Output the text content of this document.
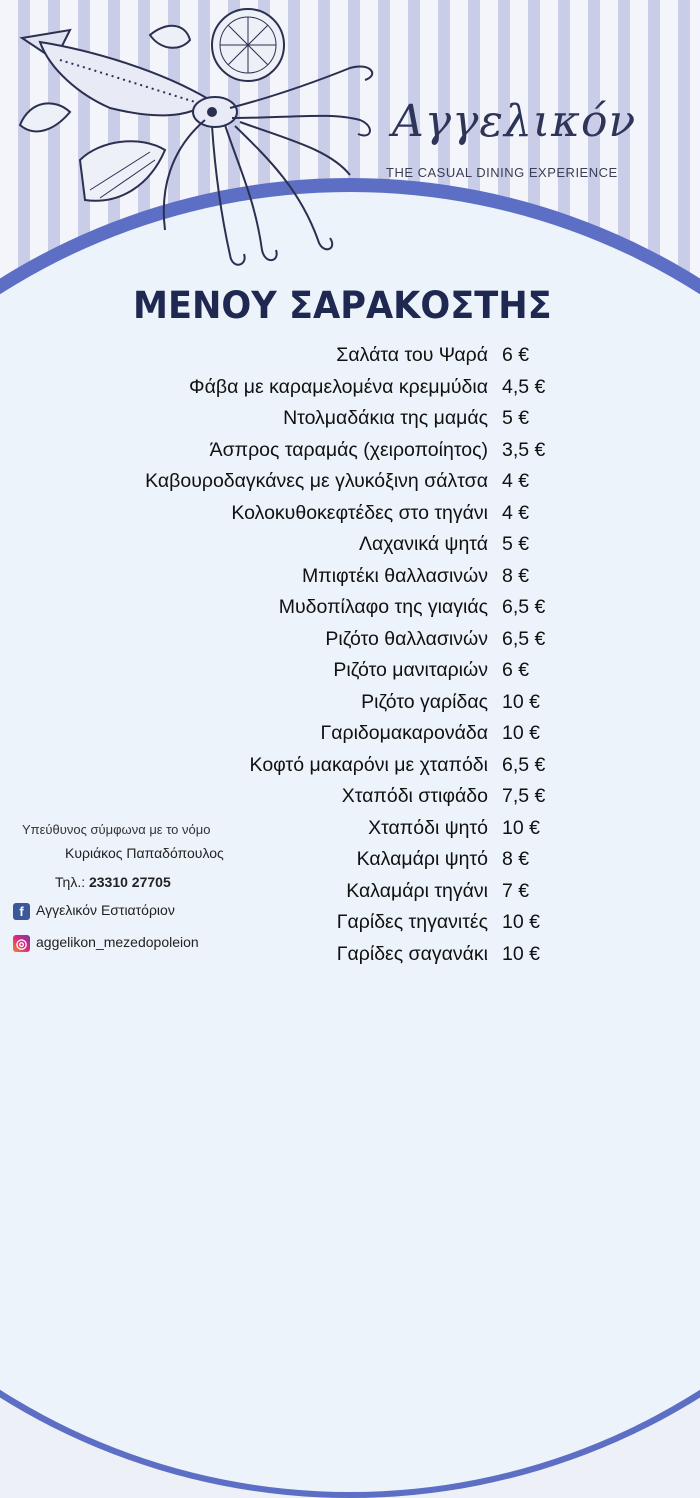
Αγγελικόν
THE CASUAL DINING EXPERIENCE
ΜΕΝΟΥ ΣΑΡΑΚΟΣΤΗΣ
Σαλάτα του Ψαρά 6 €
Φάβα με καραμελομένα κρεμμύδια 4,5 €
Ντολμαδάκια της μαμάς 5 €
Άσπρος ταραμάς (χειροποίητος) 3,5 €
Καβουροδαγκάνες με γλυκόξινη σάλτσα 4 €
Κολοκυθοκεφτέδες στο τηγάνι 4 €
Λαχανικά ψητά 5 €
Μπιφτέκι θαλλασινών 8 €
Μυδοπίλαφο της γιαγιάς 6,5 €
Ριζότο θαλλασινών 6,5 €
Ριζότο μανιταριών 6 €
Ριζότο γαρίδας 10 €
Γαριδομακαρονάδα 10 €
Κοφτό μακαρόνι με χταπόδι 6,5 €
Χταπόδι στιφάδο 7,5 €
Χταπόδι ψητό 10 €
Καλαμάρι ψητό 8 €
Καλαμάρι τηγάνι 7 €
Γαρίδες τηγανιτές 10 €
Γαρίδες σαγανάκι 10 €
Υπεύθυνος σύμφωνα με το νόμο
Κυριάκος Παπαδόπουλος
Τηλ.: 23310 27705
f Αγγελικόν Εστιατόριον
◎ aggelikon_mezedopoleion
